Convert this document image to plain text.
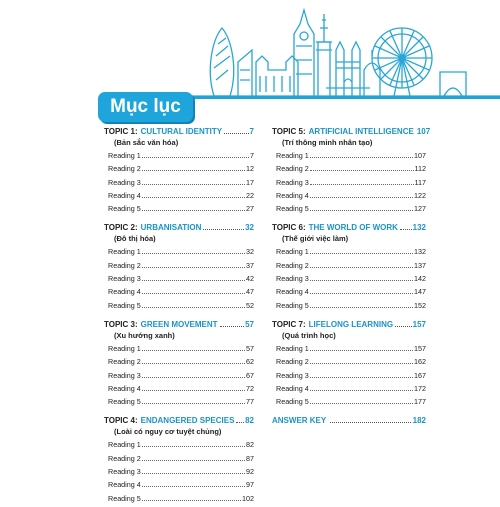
Mục lục
TOPIC 1: CULTURAL IDENTITY	7
(Bản sắc văn hóa)
Reading 1	7
Reading 2	12
Reading 3	17
Reading 4	22
Reading 5	27
TOPIC 2: URBANISATION	32
(Đô thị hóa)
Reading 1	32
Reading 2	37
Reading 3	42
Reading 4	47
Reading 5	52
TOPIC 3: GREEN MOVEMENT	57
(Xu hướng xanh)
Reading 1	57
Reading 2	62
Reading 3	67
Reading 4	72
Reading 5	77
TOPIC 4: ENDANGERED SPECIES 82
(Loài có nguy cơ tuyệt chủng)
Reading 1	82
Reading 2	87
Reading 3	92
Reading 4	97
Reading 5	102
TOPIC 5: ARTIFICIAL INTELLIGENCE 107
(Trí thông minh nhân tạo)
Reading 1	107
Reading 2	112
Reading 3	117
Reading 4	122
Reading 5	127
TOPIC 6: THE WORLD OF WORK 132
(Thế giới việc làm)
Reading 1	132
Reading 2	137
Reading 3	142
Reading 4	147
Reading 5	152
TOPIC 7: LIFELONG LEARNING 157
(Quá trình học)
Reading 1	157
Reading 2	162
Reading 3	167
Reading 4	172
Reading 5	177
ANSWER KEY	182
